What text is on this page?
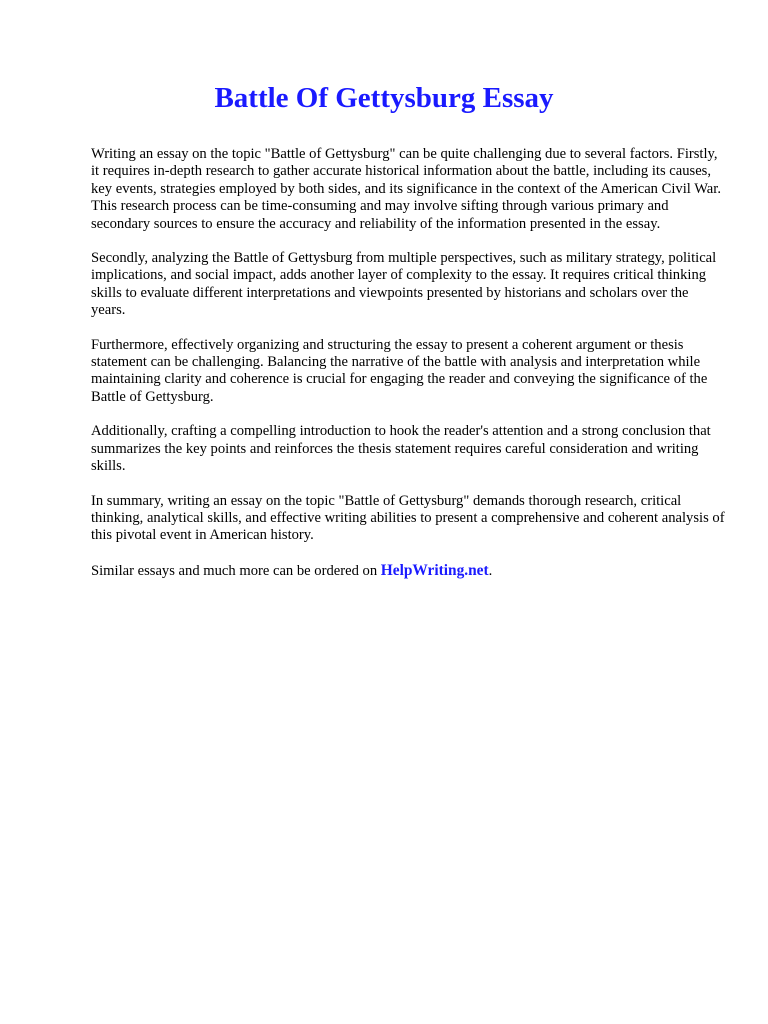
Battle Of Gettysburg Essay

Writing an essay on the topic "Battle of Gettysburg" can be quite challenging due to several factors. Firstly, it requires in-depth research to gather accurate historical information about the battle, including its causes, key events, strategies employed by both sides, and its significance in the context of the American Civil War. This research process can be time-consuming and may involve sifting through various primary and secondary sources to ensure the accuracy and reliability of the information presented in the essay.

Secondly, analyzing the Battle of Gettysburg from multiple perspectives, such as military strategy, political implications, and social impact, adds another layer of complexity to the essay. It requires critical thinking skills to evaluate different interpretations and viewpoints presented by historians and scholars over the years.

Furthermore, effectively organizing and structuring the essay to present a coherent argument or thesis statement can be challenging. Balancing the narrative of the battle with analysis and interpretation while maintaining clarity and coherence is crucial for engaging the reader and conveying the significance of the Battle of Gettysburg.

Additionally, crafting a compelling introduction to hook the reader's attention and a strong conclusion that summarizes the key points and reinforces the thesis statement requires careful consideration and writing skills.

In summary, writing an essay on the topic "Battle of Gettysburg" demands thorough research, critical thinking, analytical skills, and effective writing abilities to present a comprehensive and coherent analysis of this pivotal event in American history.

Similar essays and much more can be ordered on HelpWriting.net.
